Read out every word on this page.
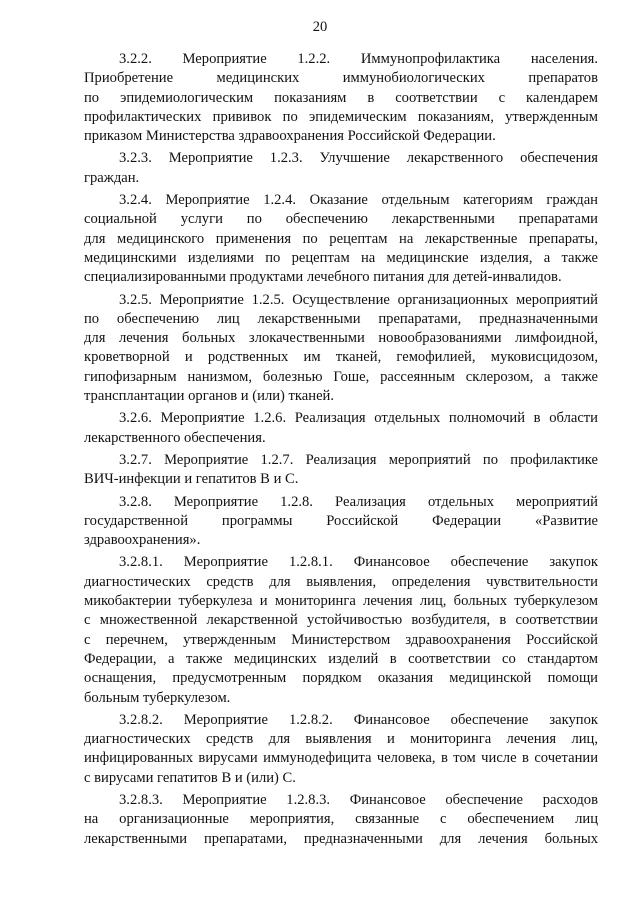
20
3.2.2. Мероприятие 1.2.2. Иммунопрофилактика населения.
Приобретение медицинских иммунобиологических препаратов
по эпидемиологическим показаниям в соответствии с календарем
профилактических прививок по эпидемическим показаниям, утвержденным
приказом Министерства здравоохранения Российской Федерации.
3.2.3. Мероприятие 1.2.3. Улучшение лекарственного обеспечения
граждан.
3.2.4. Мероприятие 1.2.4. Оказание отдельным категориям граждан
социальной услуги по обеспечению лекарственными препаратами
для медицинского применения по рецептам на лекарственные препараты,
медицинскими изделиями по рецептам на медицинские изделия, а также
специализированными продуктами лечебного питания для детей-инвалидов.
3.2.5. Мероприятие 1.2.5. Осуществление организационных мероприятий
по обеспечению лиц лекарственными препаратами, предназначенными
для лечения больных злокачественными новообразованиями лимфоидной,
кроветворной и родственных им тканей, гемофилией, муковисцидозом,
гипофизарным нанизмом, болезнью Гоше, рассеянным склерозом, а также
трансплантации органов и (или) тканей.
3.2.6. Мероприятие 1.2.6. Реализация отдельных полномочий в области
лекарственного обеспечения.
3.2.7. Мероприятие 1.2.7. Реализация мероприятий по профилактике
ВИЧ-инфекции и гепатитов В и С.
3.2.8. Мероприятие 1.2.8. Реализация отдельных мероприятий
государственной программы Российской Федерации «Развитие
здравоохранения».
3.2.8.1. Мероприятие 1.2.8.1. Финансовое обеспечение закупок
диагностических средств для выявления, определения чувствительности
микобактерии туберкулеза и мониторинга лечения лиц, больных туберкулезом
с множественной лекарственной устойчивостью возбудителя, в соответствии
с перечнем, утвержденным Министерством здравоохранения Российской
Федерации, а также медицинских изделий в соответствии со стандартом
оснащения, предусмотренным порядком оказания медицинской помощи
больным туберкулезом.
3.2.8.2. Мероприятие 1.2.8.2. Финансовое обеспечение закупок
диагностических средств для выявления и мониторинга лечения лиц,
инфицированных вирусами иммунодефицита человека, в том числе в сочетании
с вирусами гепатитов В и (или) С.
3.2.8.3. Мероприятие 1.2.8.3. Финансовое обеспечение расходов
на организационные мероприятия, связанные с обеспечением лиц
лекарственными препаратами, предназначенными для лечения больных
